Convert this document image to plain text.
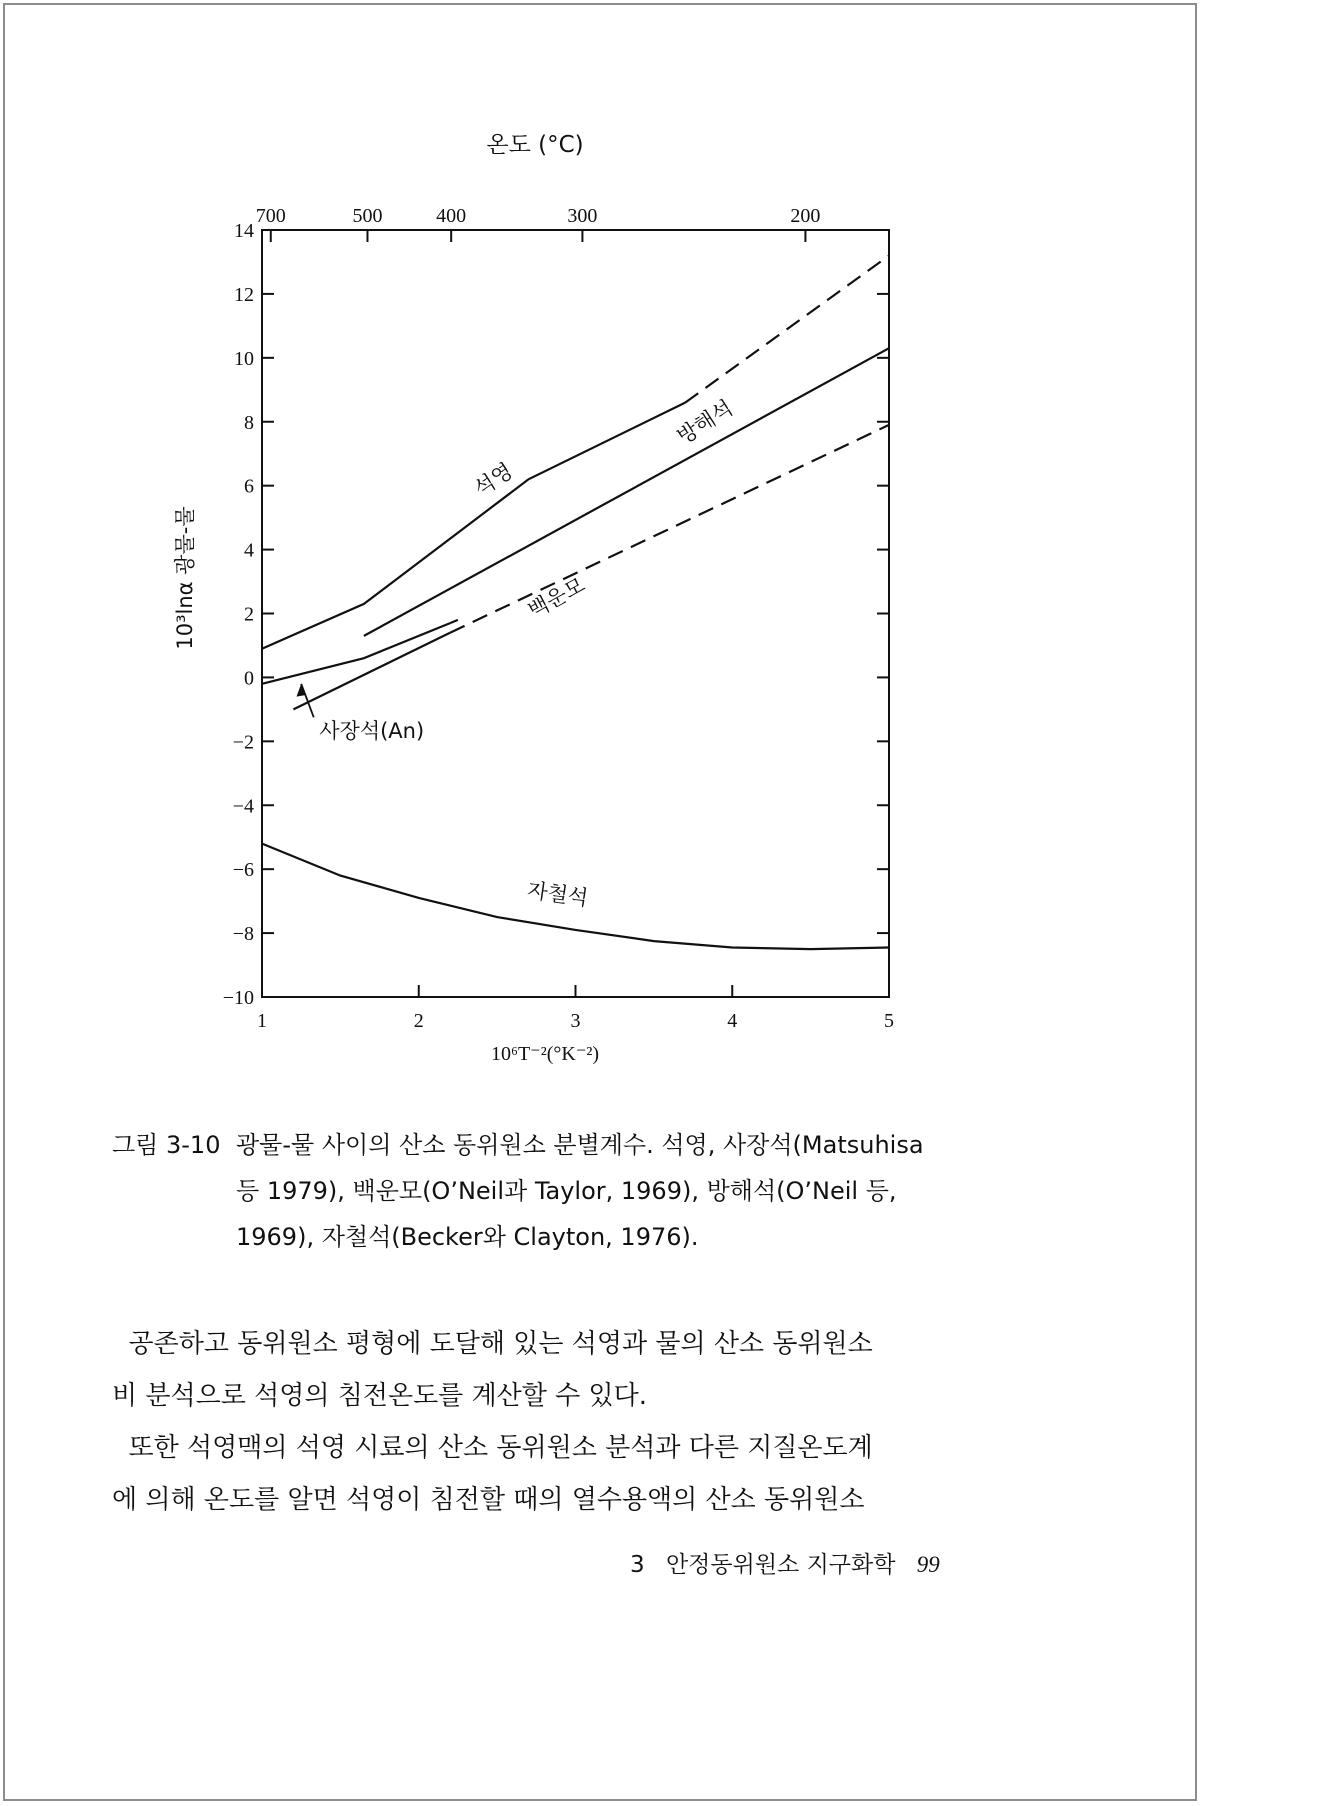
온도 (°C)
10⁶T⁻²(°K⁻²)
10³lnα 광물-물
14
12
10
8
6
4
2
0
−2
−4
−6
−8
−10
1	2	3	4	5
700	500	400	300	200
석영
방해석
백운모
사장석(An)
자철석
그림 3-10 광물-물 사이의 산소 동위원소 분별계수. 석영, 사장석(Matsuhisa
등 1979), 백운모(O’Neil과 Taylor, 1969), 방해석(O’Neil 등,
1969), 자철석(Becker와 Clayton, 1976).

공존하고 동위원소 평형에 도달해 있는 석영과 물의 산소 동위원소

비 분석으로 석영의 침전온도를 계산할 수 있다.

또한 석영맥의 석영 시료의 산소 동위원소 분석과 다른 지질온도계

에 의해 온도를 알면 석영이 침전할 때의 열수용액의 산소 동위원소

3 안정동위원소 지구화학 99
